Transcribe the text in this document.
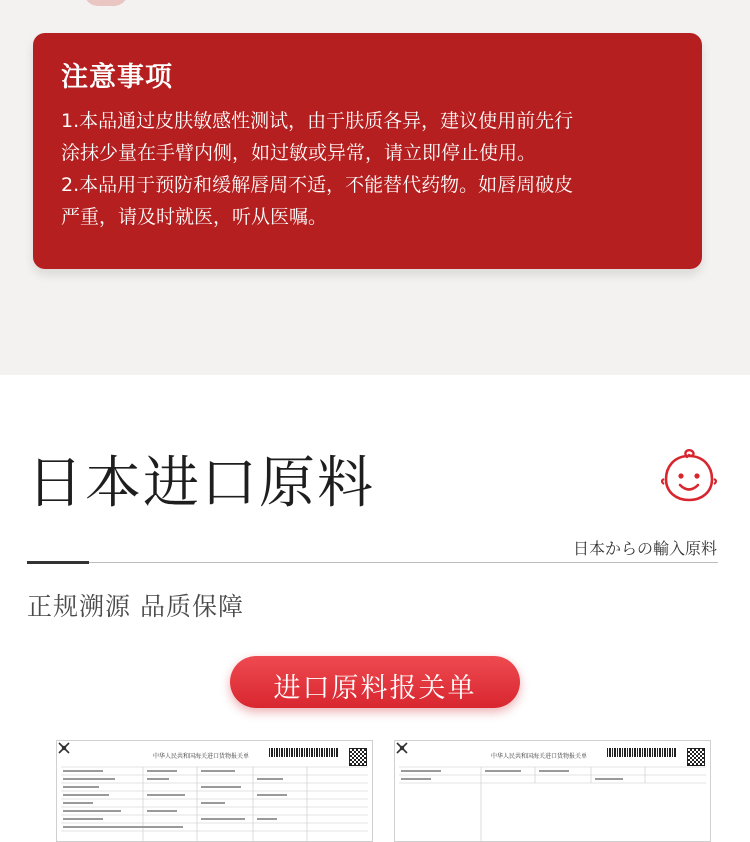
注意事项
1.本品通过皮肤敏感性测试，由于肤质各异，建议使用前先行
涂抹少量在手臂内侧，如过敏或异常，请立即停止使用。
2.本品用于预防和缓解唇周不适，不能替代药物。如唇周破皮
严重，请及时就医，听从医嘱。
日本进口原料
日本からの輸入原料
正规溯源 品质保障
进口原料报关单
中华人民共和国海关进口货物报关单	中华人民共和国海关进口货物报关单
